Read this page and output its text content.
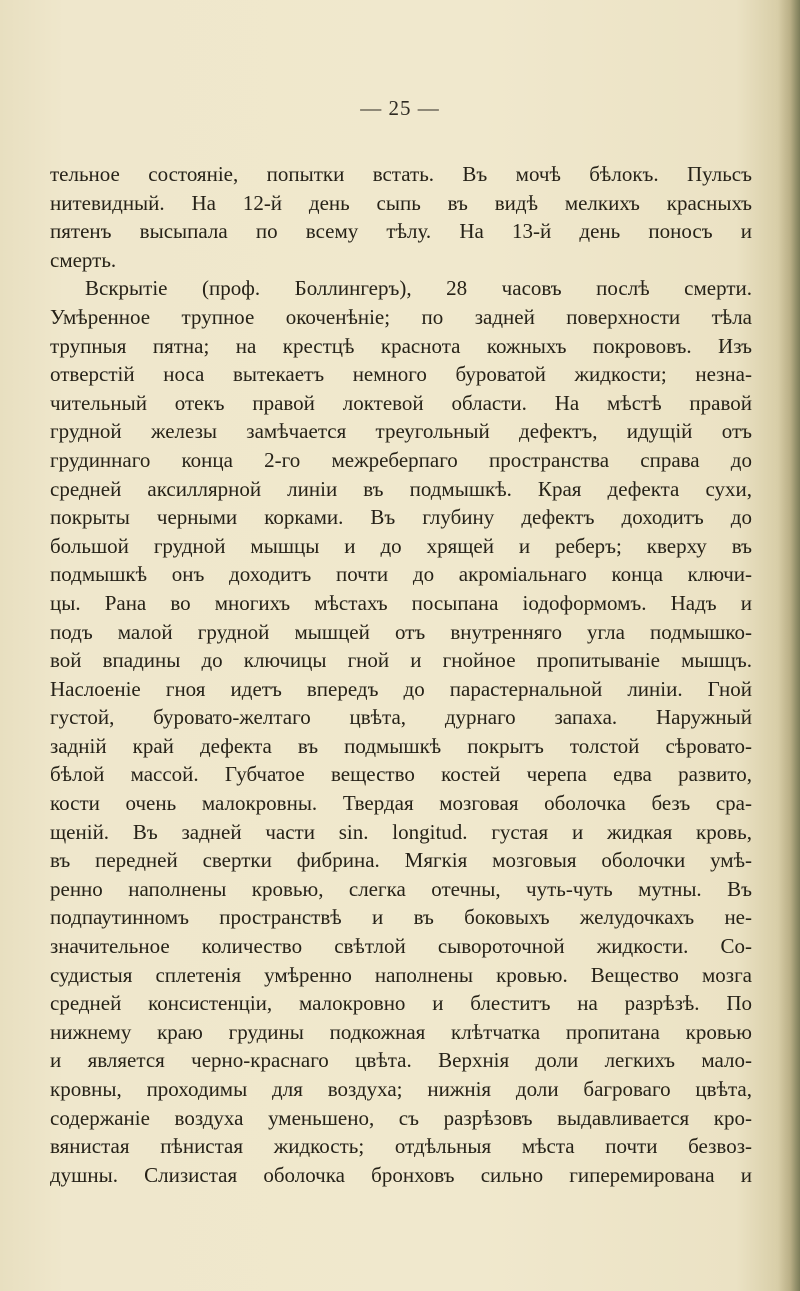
— 25 —

тельное состояніе, попытки встать. Въ мочѣ бѣлокъ. Пульсъ
нитевидный. На 12-й день сыпь въ видѣ мелкихъ красныхъ
пятенъ высыпала по всему тѣлу. На 13-й день поносъ и
смерть.
Вскрытіе (проф. Боллингеръ), 28 часовъ послѣ смерти.
Умѣренное трупное окоченѣніе; по задней поверхности тѣла
трупныя пятна; на крестцѣ краснота кожныхъ покрововъ. Изъ
отверстій носа вытекаетъ немного буроватой жидкости; незна-
чительный отекъ правой локтевой области. На мѣстѣ правой
грудной железы замѣчается треугольный дефектъ, идущій отъ
грудиннаго конца 2-го межреберпаго пространства справа до
средней аксиллярной линіи въ подмышкѣ. Края дефекта сухи,
покрыты черными корками. Въ глубину дефектъ доходитъ до
большой грудной мышцы и до хрящей и реберъ; кверху въ
подмышкѣ онъ доходитъ почти до акроміальнаго конца ключи-
цы. Рана во многихъ мѣстахъ посыпана іодоформомъ. Надъ и
подъ малой грудной мышцей отъ внутренняго угла подмышко-
вой впадины до ключицы гной и гнойное пропитываніе мышцъ.
Наслоеніе гноя идетъ впередъ до парастернальной линіи. Гной
густой, буровато-желтаго цвѣта, дурнаго запаха. Наружный
задній край дефекта въ подмышкѣ покрытъ толстой сѣровато-
бѣлой массой. Губчатое вещество костей черепа едва развито,
кости очень малокровны. Твердая мозговая оболочка безъ сра-
щеній. Въ задней части sin. longitud. густая и жидкая кровь,
въ передней свертки фибрина. Мягкія мозговыя оболочки умѣ-
ренно наполнены кровью, слегка отечны, чуть-чуть мутны. Въ
подпаутинномъ пространствѣ и въ боковыхъ желудочкахъ не-
значительное количество свѣтлой сывороточной жидкости. Со-
судистыя сплетенія умѣренно наполнены кровью. Вещество мозга
средней консистенціи, малокровно и блеститъ на разрѣзѣ. По
нижнему краю грудины подкожная клѣтчатка пропитана кровью
и является черно-краснаго цвѣта. Верхнія доли легкихъ мало-
кровны, проходимы для воздуха; нижнія доли багроваго цвѣта,
содержаніе воздуха уменьшено, съ разрѣзовъ выдавливается кро-
вянистая пѣнистая жидкость; отдѣльныя мѣста почти безвоз-
душны. Слизистая оболочка бронховъ сильно гиперемирована и
